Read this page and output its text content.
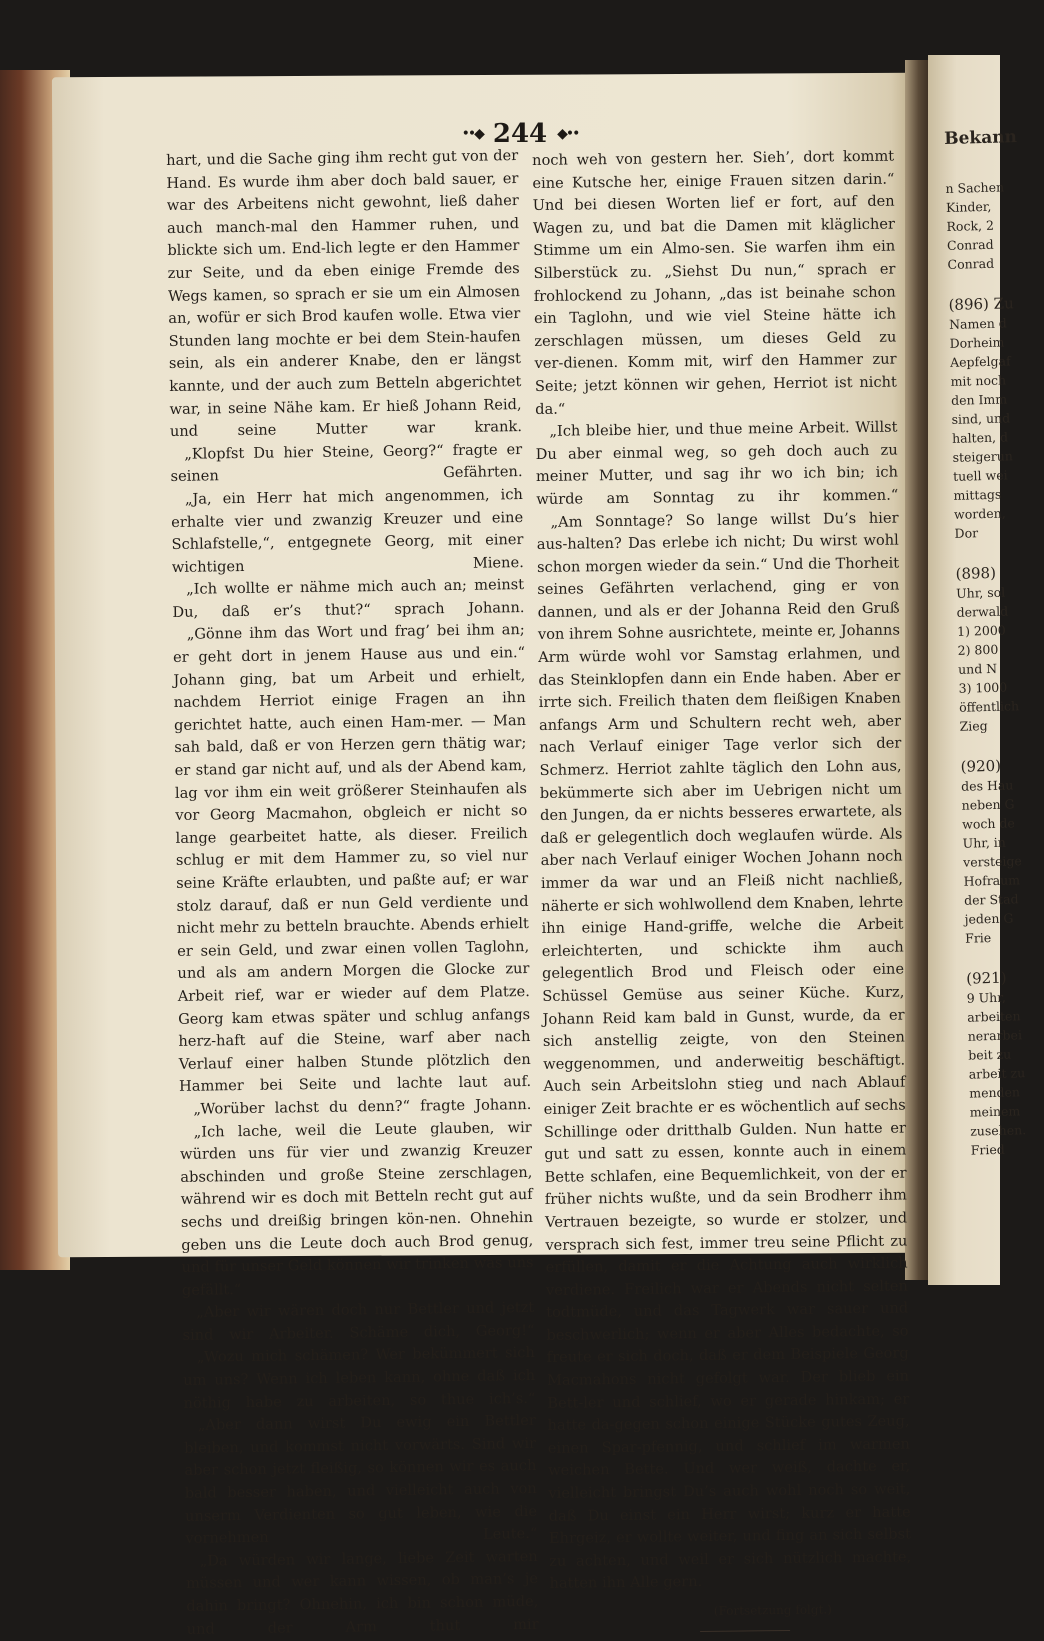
••◆ 244 ◆••

hart, und die Sache ging ihm recht gut von der Hand. Es wurde ihm aber doch bald sauer, er war des Arbeitens nicht gewohnt, ließ daher auch manch‑mal den Hammer ruhen, und blickte sich um. End‑lich legte er den Hammer zur Seite, und da eben einige Fremde des Wegs kamen, so sprach er sie um ein Almosen an, wofür er sich Brod kaufen wolle. Etwa vier Stunden lang mochte er bei dem Stein‑haufen sein, als ein anderer Knabe, den er längst kannte, und der auch zum Betteln abgerichtet war, in seine Nähe kam. Er hieß Johann Reid, und seine Mutter war krank.

„Klopfst Du hier Steine, Georg?“ fragte er seinen Gefährten.

„Ja, ein Herr hat mich angenommen, ich erhalte vier und zwanzig Kreuzer und eine Schlafstelle,“, entgegnete Georg, mit einer wichtigen Miene.

„Ich wollte er nähme mich auch an; meinst Du, daß er’s thut?“ sprach Johann.

„Gönne ihm das Wort und frag’ bei ihm an; er geht dort in jenem Hause aus und ein.“ Johann ging, bat um Arbeit und erhielt, nachdem Herriot einige Fragen an ihn gerichtet hatte, auch einen Ham‑mer. — Man sah bald, daß er von Herzen gern thätig war; er stand gar nicht auf, und als der Abend kam, lag vor ihm ein weit größerer Steinhaufen als vor Georg Macmahon, obgleich er nicht so lange gearbeitet hatte, als dieser. Freilich schlug er mit dem Hammer zu, so viel nur seine Kräfte erlaubten, und paßte auf; er war stolz darauf, daß er nun Geld verdiente und nicht mehr zu betteln brauchte. Abends erhielt er sein Geld, und zwar einen vollen Taglohn, und als am andern Morgen die Glocke zur Arbeit rief, war er wieder auf dem Platze. Georg kam etwas später und schlug anfangs herz‑haft auf die Steine, warf aber nach Verlauf einer halben Stunde plötzlich den Hammer bei Seite und lachte laut auf.

„Worüber lachst du denn?“ fragte Johann.

„Ich lache, weil die Leute glauben, wir würden uns für vier und zwanzig Kreuzer abschinden und große Steine zerschlagen, während wir es doch mit Betteln recht gut auf sechs und dreißig bringen kön‑nen. Ohnehin geben uns die Leute doch auch Brod genug, und für unser Geld können wir trinken was uns gefällt.“

„Aber wir wären doch nur Bettler und jetzt sind wir Arbeiter. Schäme dich, Georg!“

„Wozu mich schämen? Wer bekümmert sich um uns? Wenn ich leben kann, ohne daß ich nöthig habe zu arbeiten, so thue ich’s.“

„Aber dann wirst Du ewig ein Bettler bleiben, und kommst nicht vorwärts. Sind wir aber schon jetzt fleißig, so können wir es auch bald besser haben, und vielleicht auch von unserm Verdienten so gut leben, wie die vornehmen Leute.“

„Da würden wir lange, liebe Zeit warten müssen und wer kann wissen, ob man’s je dahin bringt? Ohnehin, ich bin schon müde, und der Arm thut mir

noch weh von gestern her. Sieh’, dort kommt eine Kutsche her, einige Frauen sitzen darin.“ Und bei diesen Worten lief er fort, auf den Wagen zu, und bat die Damen mit kläglicher Stimme um ein Almo‑sen. Sie warfen ihm ein Silberstück zu. „Siehst Du nun,“ sprach er frohlockend zu Johann, „das ist beinahe schon ein Taglohn, und wie viel Steine hätte ich zerschlagen müssen, um dieses Geld zu ver‑dienen. Komm mit, wirf den Hammer zur Seite; jetzt können wir gehen, Herriot ist nicht da.“

„Ich bleibe hier, und thue meine Arbeit. Willst Du aber einmal weg, so geh doch auch zu meiner Mutter, und sag ihr wo ich bin; ich würde am Sonntag zu ihr kommen.“

„Am Sonntage? So lange willst Du’s hier aus‑halten? Das erlebe ich nicht; Du wirst wohl schon morgen wieder da sein.“ Und die Thorheit seines Gefährten verlachend, ging er von dannen, und als er der Johanna Reid den Gruß von ihrem Sohne ausrichtete, meinte er, Johanns Arm würde wohl vor Samstag erlahmen, und das Steinklopfen dann ein Ende haben. Aber er irrte sich. Freilich thaten dem fleißigen Knaben anfangs Arm und Schultern recht weh, aber nach Verlauf einiger Tage verlor sich der Schmerz. Herriot zahlte täglich den Lohn aus, bekümmerte sich aber im Uebrigen nicht um den Jungen, da er nichts besseres erwartete, als daß er gelegentlich doch weglaufen würde. Als aber nach Verlauf einiger Wochen Johann noch immer da war und an Fleiß nicht nachließ, näherte er sich wohlwollend dem Knaben, lehrte ihn einige Hand‑griffe, welche die Arbeit erleichterten, und schickte ihm auch gelegentlich Brod und Fleisch oder eine Schüssel Gemüse aus seiner Küche. Kurz, Johann Reid kam bald in Gunst, wurde, da er sich anstellig zeigte, von den Steinen weggenommen, und anderweitig beschäftigt. Auch sein Arbeitslohn stieg und nach Ablauf einiger Zeit brachte er es wöchentlich auf sechs Schillinge oder dritthalb Gulden. Nun hatte er gut und satt zu essen, konnte auch in einem Bette schlafen, eine Bequemlichkeit, von der er früher nichts wußte, und da sein Brodherr ihm Vertrauen bezeigte, so wurde er stolzer, und versprach sich fest, immer treu seine Pflicht zu erfüllen, damit er die Achtung auch wirklich verdiene. Freilich war er Abends nicht selten todtmüde, und das Tagwerk war sauer und beschwerlich; wenn er aber Alles bedachte, so freute er sich doch, daß er dem Beispiele Georg Macmahons nicht gefolgt war. Der blieb ein Bett‑ler und schlief, wo er gerade hinkam; er hatte da‑gegen schon einige Stücke gutes Zeug, einen Spar‑pfennig, und schlief im warmen weichen Bette. Und wer weiß, dachte er, vielleicht bringst Du’s auch wohl noch so weit, daß Du einst ein Herr wirst; kurz er hatte Ehrgeiz, er wollte weiter, und fing an sich selbst zu achten, und weil er sich nützlich machte, hatten ihn Alle gern.

(Fortsetzung folgt.)

Bekann
n Sachen
Kinder,
Rock, 2
Conrad
Conrad
(896) Zu
Namen d
Dorheim
Aepfelgaf
mit noch
den Imm
sind, und
halten, d
steigerun
tuell wei
mittags
worden,
Dor
(898)
Uhr, sol
derwald
1) 2000
2) 800
und N
3) 1000
öffentlich
Zieg
(920)
des Hau
neben G
woch de
Uhr, in
versteige
Hofraum
der Stad
jeden G
Frie
(921)
9 Uhr,
arbeiten
nerarbei
beit zu
arbeit zu
menden
meinem
zusehen.
Fried
